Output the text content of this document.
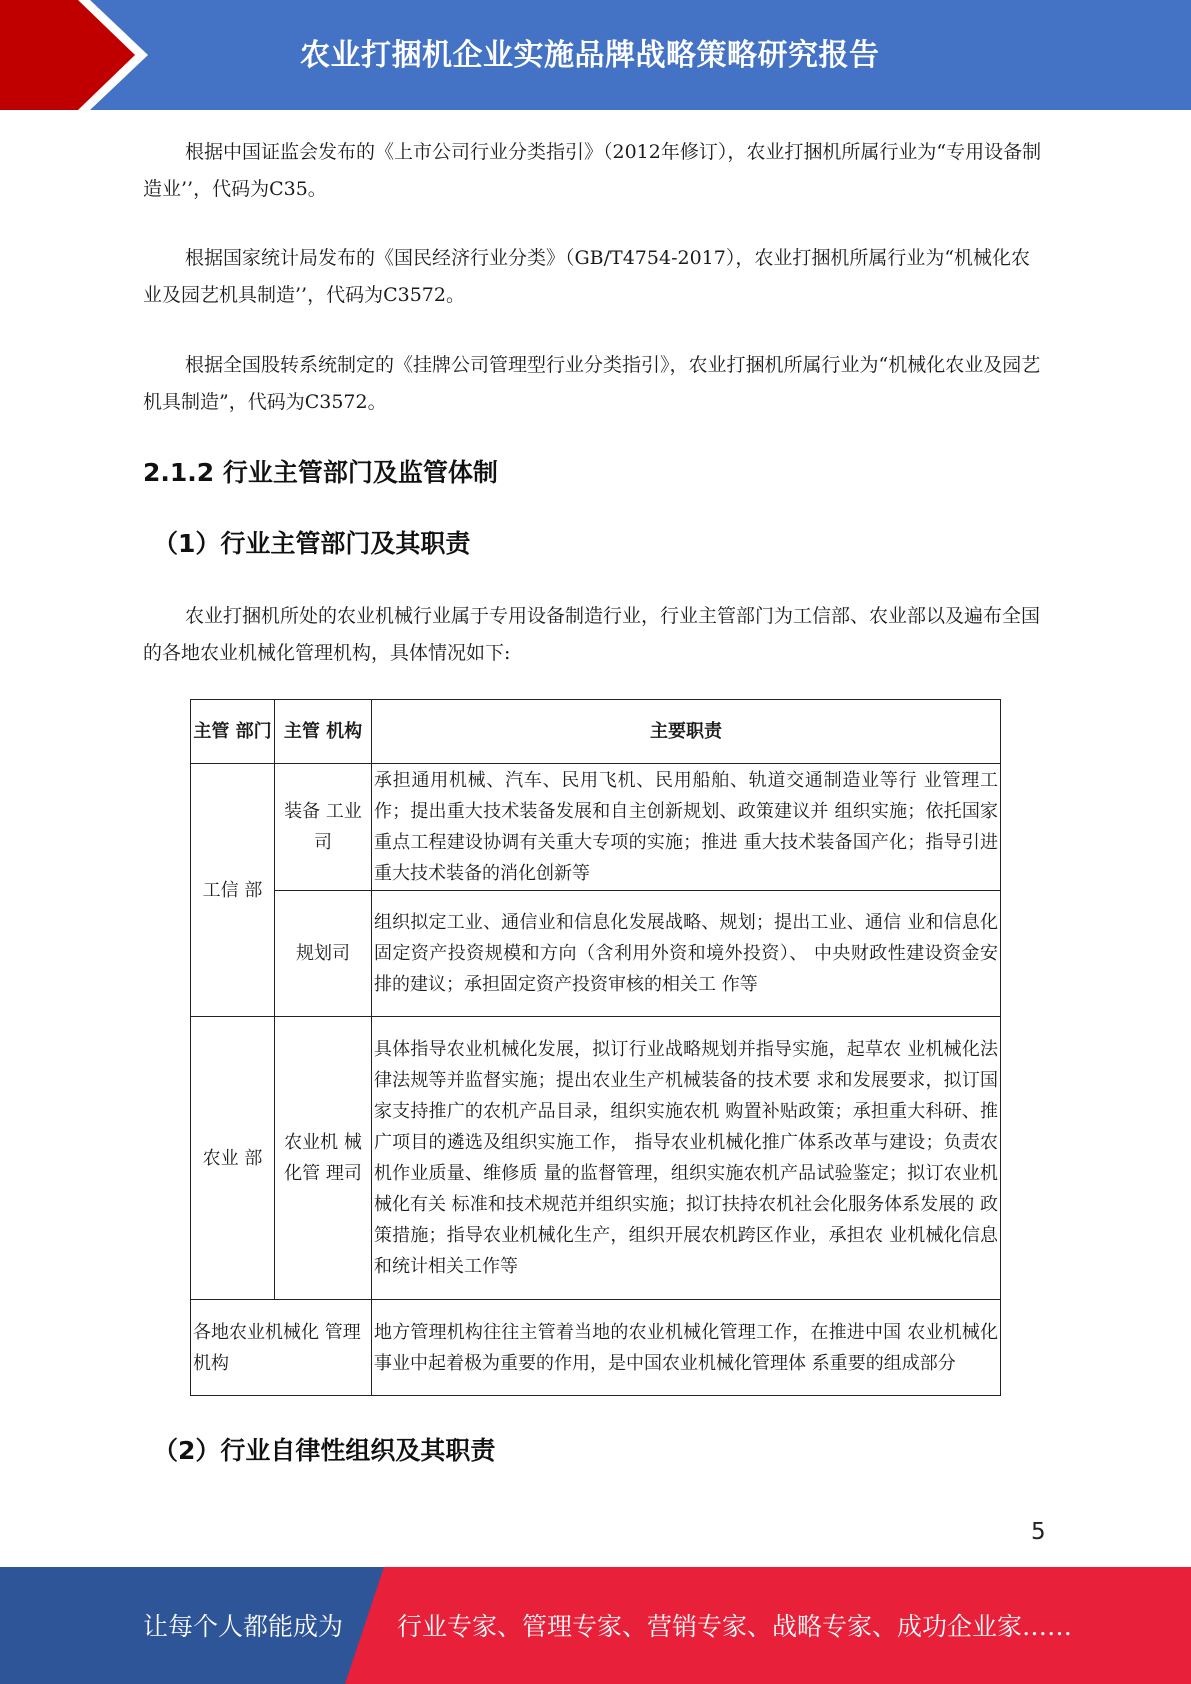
农业打捆机企业实施品牌战略策略研究报告

根据中国证监会发布的《上市公司行业分类指引》（2012年修订），农业打捆机所属行业为“专用设备制造业’’，代码为C35。

根据国家统计局发布的《国民经济行业分类》（GB/T4754-2017），农业打捆机所属行业为“机械化农业及园艺机具制造’’，代码为C3572。

根据全国股转系统制定的《挂牌公司管理型行业分类指引》，农业打捆机所属行业为“机械化农业及园艺机具制造”，代码为C3572。

2.1.2 行业主管部门及监管体制
（1）行业主管部门及其职责

农业打捆机所处的农业机械行业属于专用设备制造行业，行业主管部门为工信部、农业部以及遍布全国的各地农业机械化管理机构，具体情况如下:

主管 部门	主管 机构	主要职责
工信 部	装备 工业司	承担通用机械、汽车、民用飞机、民用船舶、轨道交通制造业等行 业管理工作；提出重大技术装备发展和自主创新规划、政策建议并 组织实施；依托国家重点工程建设协调有关重大专项的实施；推进 重大技术装备国产化；指导引进重大技术装备的消化创新等
	规划司	组织拟定工业、通信业和信息化发展战略、规划；提出工业、通信 业和信息化固定资产投资规模和方向（含利用外资和境外投资）、 中央财政性建设资金安排的建议；承担固定资产投资审核的相关工 作等
农业 部	农业机 械化管 理司	具体指导农业机械化发展，拟订行业战略规划并指导实施，起草农 业机械化法律法规等并监督实施；提出农业生产机械装备的技术要 求和发展要求，拟订国家支持推广的农机产品目录，组织实施农机 购置补贴政策；承担重大科研、推广项目的遴选及组织实施工作， 指导农业机械化推广体系改革与建设；负责农机作业质量、维修质 量的监督管理，组织实施农机产品试验鉴定；拟订农业机械化有关 标准和技术规范并组织实施；拟订扶持农机社会化服务体系发展的 政策措施；指导农业机械化生产，组织开展农机跨区作业，承担农 业机械化信息和统计相关工作等
各地农业机械化 管理机构		地方管理机构往往主管着当地的农业机械化管理工作，在推进中国 农业机械化事业中起着极为重要的作用，是中国农业机械化管理体 系重要的组成部分
（2）行业自律性组织及其职责
5
让每个人都能成为 行业专家、管理专家、营销专家、战略专家、成功企业家……
